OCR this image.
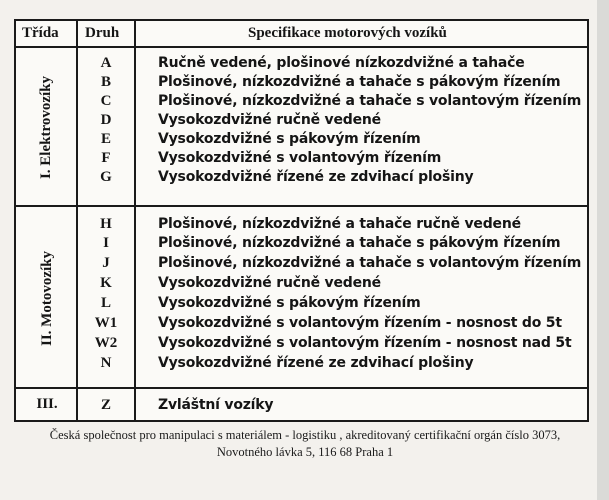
Třída Druh	Specifikace motorových vozíků
I. Elektrovozíky
A	Ručně vedené, plošinové nízkozdvižné a tahače
B	Plošinové, nízkozdvižné a tahače s pákovým řízením
C	Plošinové, nízkozdvižné a tahače s volantovým řízením
D	Vysokozdvižné ručně vedené
E	Vysokozdvižné s pákovým řízením
F	Vysokozdvižné s volantovým řízením
G	Vysokozdvižné řízené ze zdvihací plošiny
II. Motovozíky
H	Plošinové, nízkozdvižné a tahače ručně vedené
I	Plošinové, nízkozdvižné a tahače s pákovým řízením
J	Plošinové, nízkozdvižné a tahače s volantovým řízením
K	Vysokozdvižné ručně vedené
L	Vysokozdvižné s pákovým řízením
W1	Vysokozdvižné s volantovým řízením - nosnost do 5t
W2	Vysokozdvižné s volantovým řízením - nosnost nad 5t
N	Vysokozdvižné řízené ze zdvihací plošiny
III.	Z	Zvláštní vozíky
Česká společnost pro manipulaci s materiálem - logistiku , akreditovaný certifikační orgán číslo 3073,
Novotného lávka 5, 116 68 Praha 1
